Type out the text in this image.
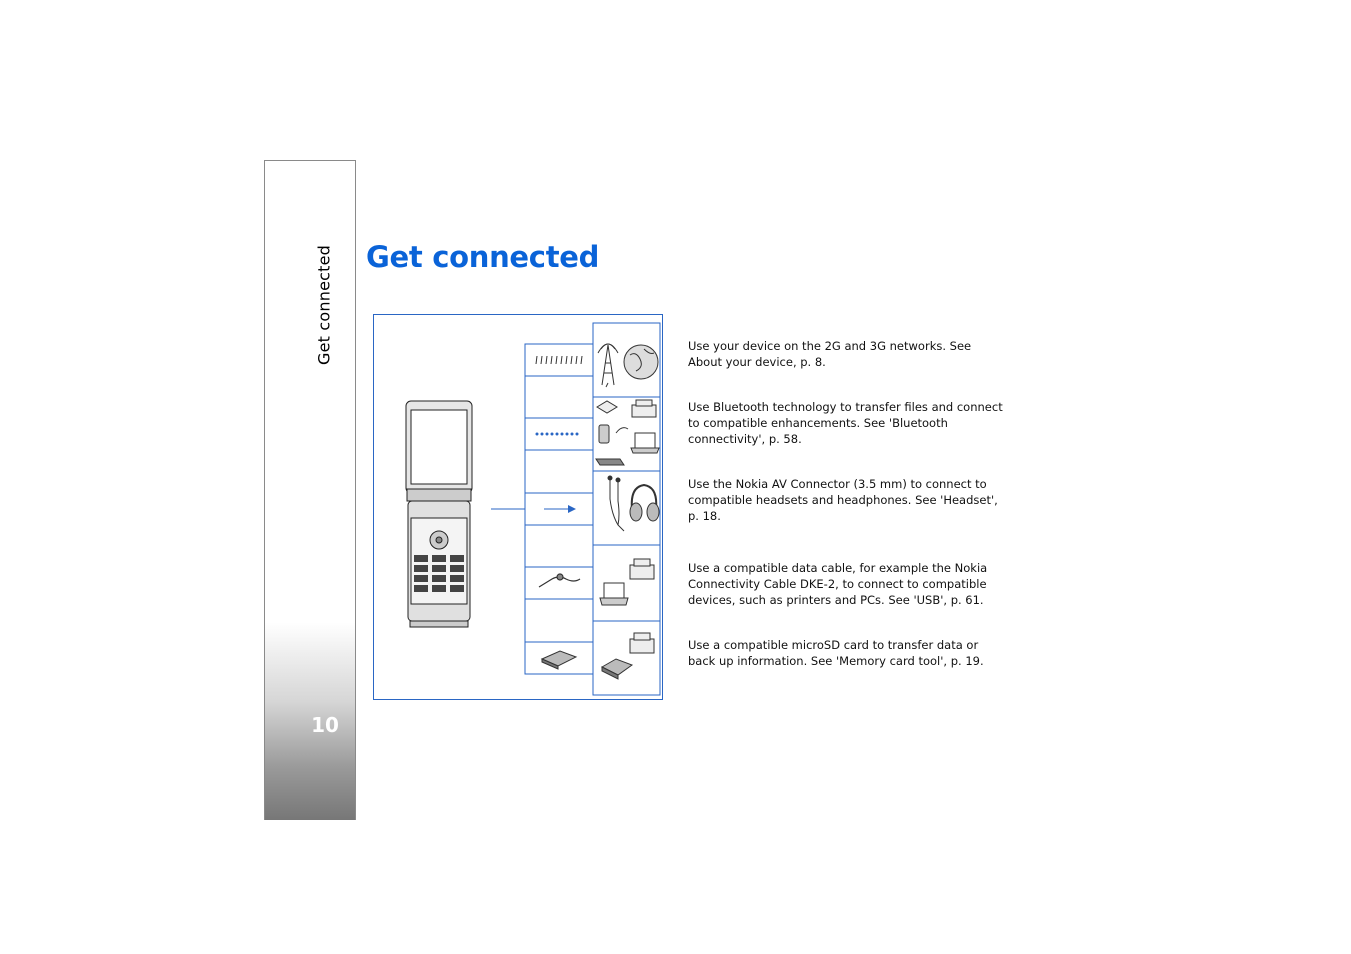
Get connected
10
Get connected

Use your device on the 2G and 3G networks. See About your device, p. 8.

Use Bluetooth technology to transfer files and connect to compatible enhancements. See 'Bluetooth connectivity', p. 58.

Use the Nokia AV Connector (3.5 mm) to connect to compatible headsets and headphones. See 'Headset', p. 18.

Use a compatible data cable, for example the Nokia Connectivity Cable DKE-2, to connect to compatible devices, such as printers and PCs. See 'USB', p. 61.

Use a compatible microSD card to transfer data or back up information. See 'Memory card tool', p. 19.
